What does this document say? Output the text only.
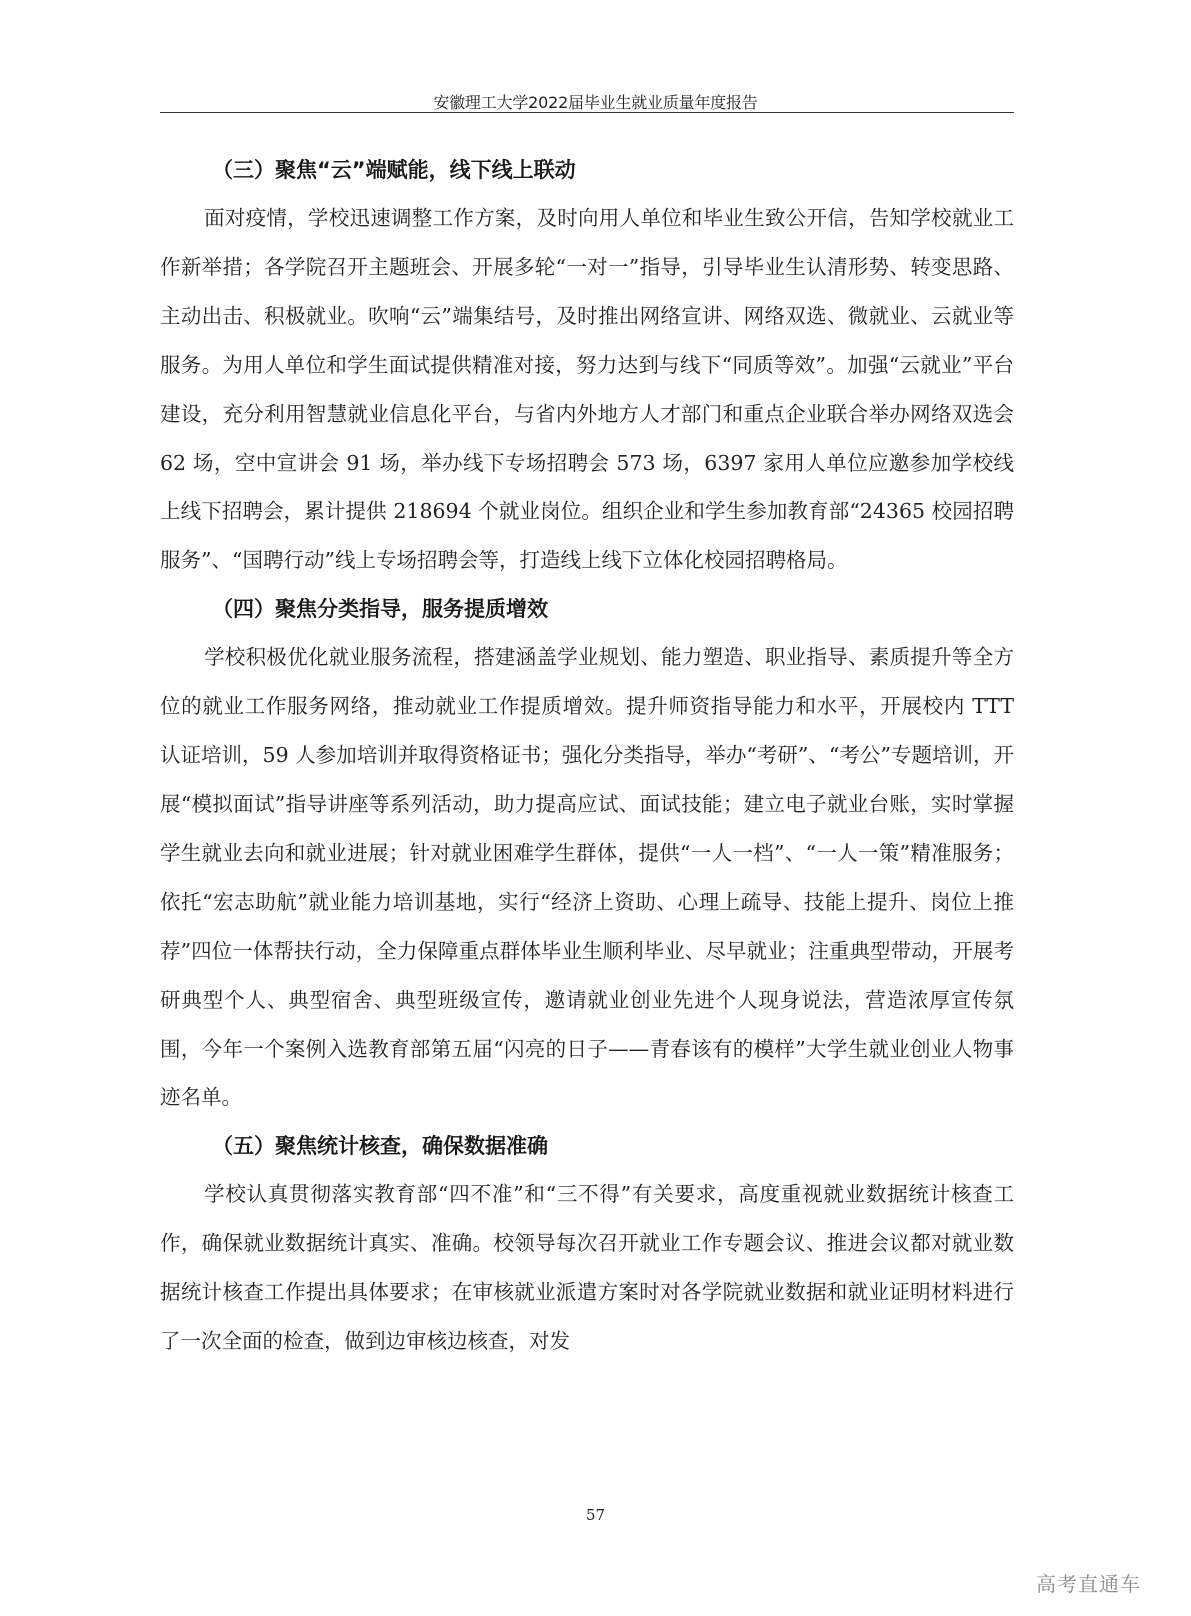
安徽理工大学2022届毕业生就业质量年度报告
（三）聚焦“云”端赋能，线下线上联动

面对疫情，学校迅速调整工作方案，及时向用人单位和毕业生致公开信，告知学校就业工作新举措；各学院召开主题班会、开展多轮“一对一”指导，引导毕业生认清形势、转变思路、主动出击、积极就业。吹响“云”端集结号，及时推出网络宣讲、网络双选、微就业、云就业等服务。为用人单位和学生面试提供精准对接，努力达到与线下“同质等效”。加强“云就业”平台建设，充分利用智慧就业信息化平台，与省内外地方人才部门和重点企业联合举办网络双选会 62 场，空中宣讲会 91 场，举办线下专场招聘会 573 场，6397 家用人单位应邀参加学校线上线下招聘会，累计提供 218694 个就业岗位。组织企业和学生参加教育部“24365 校园招聘服务”、“国聘行动”线上专场招聘会等，打造线上线下立体化校园招聘格局。

（四）聚焦分类指导，服务提质增效

学校积极优化就业服务流程，搭建涵盖学业规划、能力塑造、职业指导、素质提升等全方位的就业工作服务网络，推动就业工作提质增效。提升师资指导能力和水平，开展校内 TTT 认证培训，59 人参加培训并取得资格证书；强化分类指导，举办“考研”、“考公”专题培训，开展“模拟面试”指导讲座等系列活动，助力提高应试、面试技能；建立电子就业台账，实时掌握学生就业去向和就业进展；针对就业困难学生群体，提供“一人一档”、“一人一策”精准服务；依托“宏志助航”就业能力培训基地，实行“经济上资助、心理上疏导、技能上提升、岗位上推荐”四位一体帮扶行动，全力保障重点群体毕业生顺利毕业、尽早就业；注重典型带动，开展考研典型个人、典型宿舍、典型班级宣传，邀请就业创业先进个人现身说法，营造浓厚宣传氛围，今年一个案例入选教育部第五届“闪亮的日子——青春该有的模样”大学生就业创业人物事迹名单。

（五）聚焦统计核查，确保数据准确

学校认真贯彻落实教育部“四不准”和“三不得”有关要求，高度重视就业数据统计核查工作，确保就业数据统计真实、准确。校领导每次召开就业工作专题会议、推进会议都对就业数据统计核查工作提出具体要求；在审核就业派遣方案时对各学院就业数据和就业证明材料进行了一次全面的检查，做到边审核边核查，对发

57
高考直通车
